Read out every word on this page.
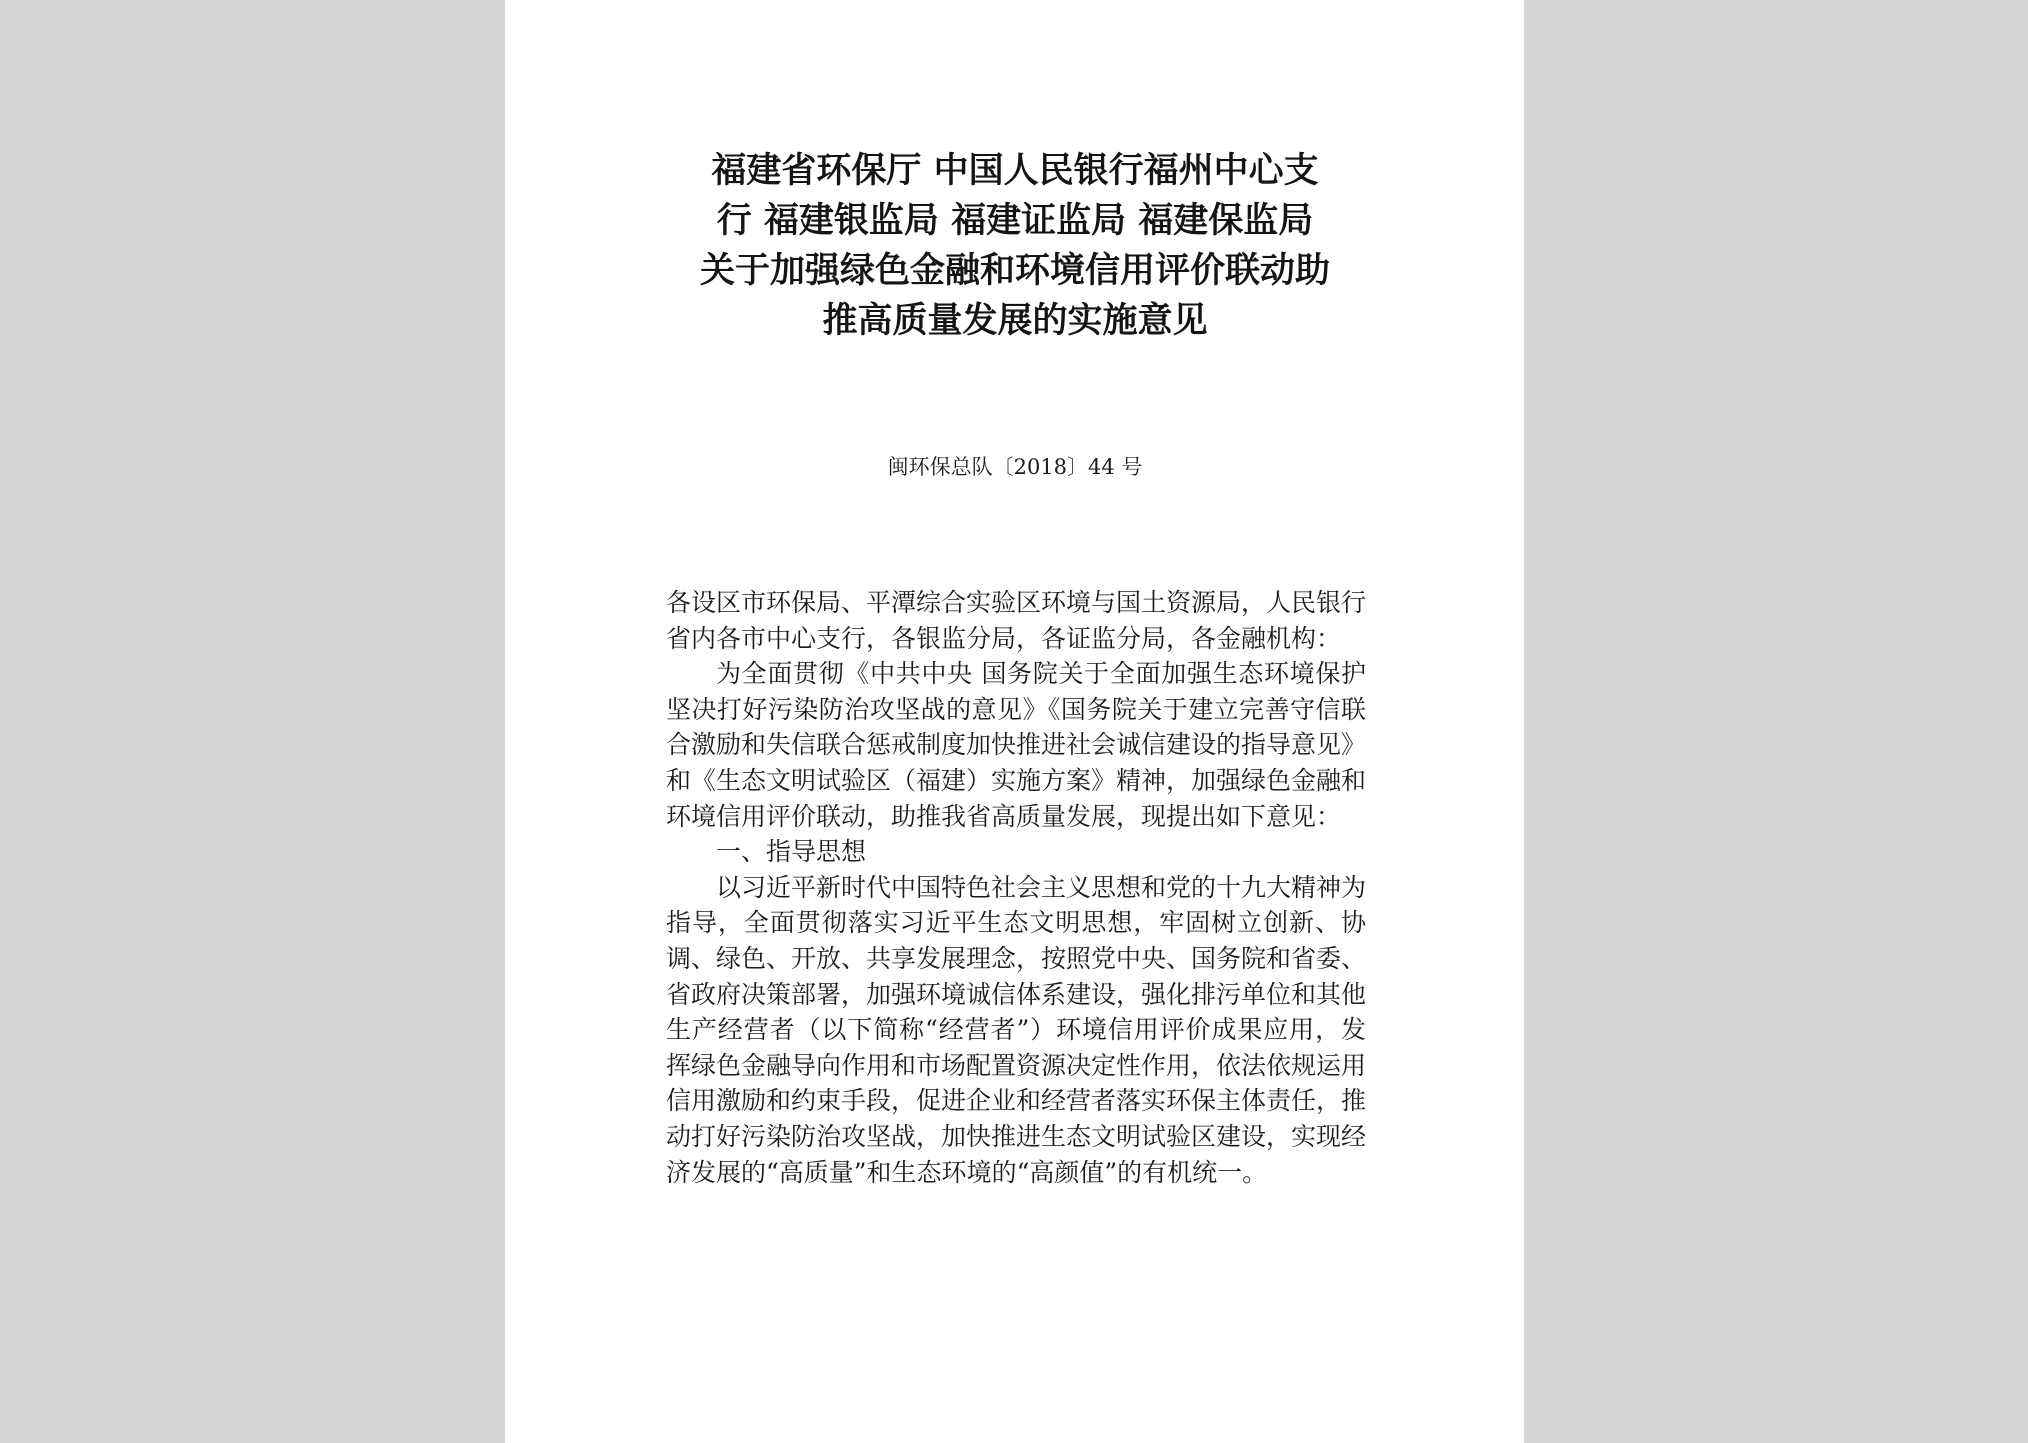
福建省环保厅 中国人民银行福州中心支
行 福建银监局 福建证监局 福建保监局
关于加强绿色金融和环境信用评价联动助
推高质量发展的实施意见
闽环保总队〔2018〕44 号

各设区市环保局、平潭综合实验区环境与国土资源局，人民银行省内各市中心支行，各银监分局，各证监分局，各金融机构：

为全面贯彻《中共中央 国务院关于全面加强生态环境保护坚决打好污染防治攻坚战的意见》《国务院关于建立完善守信联合激励和失信联合惩戒制度加快推进社会诚信建设的指导意见》和《生态文明试验区（福建）实施方案》精神，加强绿色金融和环境信用评价联动，助推我省高质量发展，现提出如下意见：

一、指导思想

以习近平新时代中国特色社会主义思想和党的十九大精神为指导，全面贯彻落实习近平生态文明思想，牢固树立创新、协调、绿色、开放、共享发展理念，按照党中央、国务院和省委、省政府决策部署，加强环境诚信体系建设，强化排污单位和其他生产经营者（以下简称“经营者”）环境信用评价成果应用，发挥绿色金融导向作用和市场配置资源决定性作用，依法依规运用信用激励和约束手段，促进企业和经营者落实环保主体责任，推动打好污染防治攻坚战，加快推进生态文明试验区建设，实现经济发展的“高质量”和生态环境的“高颜值”的有机统一。
